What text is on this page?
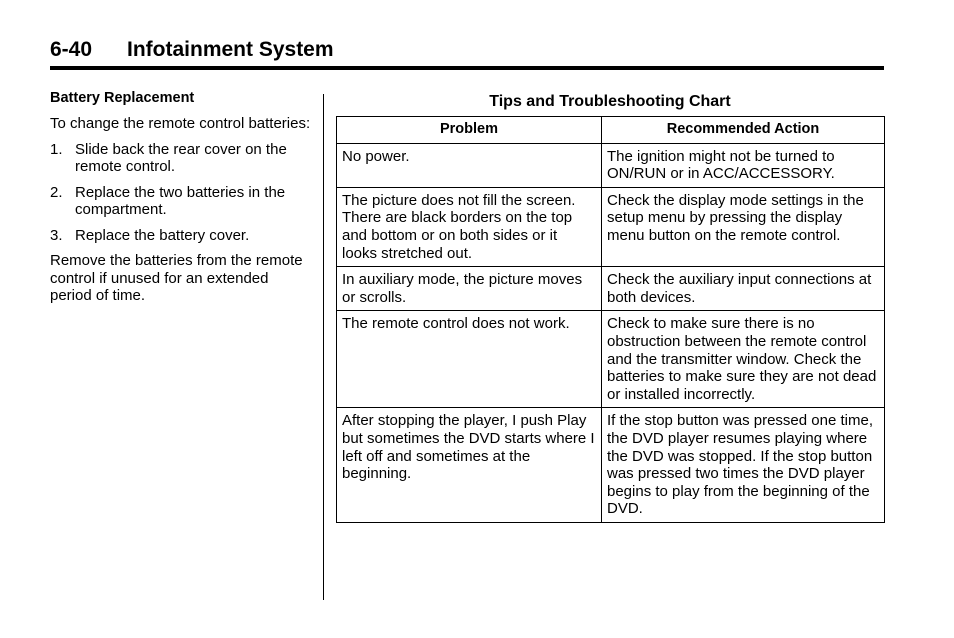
6-40 Infotainment System
Battery Replacement

To change the remote control batteries:

1. Slide back the rear cover on the remote control.
2. Replace the two batteries in the compartment.
3. Replace the battery cover.

Remove the batteries from the remote control if unused for an extended period of time.

Tips and Troubleshooting Chart
Problem	Recommended Action
No power.	The ignition might not be turned to ON/RUN or in ACC/ACCESSORY.
The picture does not fill the screen. There are black borders on the top and bottom or on both sides or it looks stretched out.	Check the display mode settings in the setup menu by pressing the display menu button on the remote control.
In auxiliary mode, the picture moves or scrolls.	Check the auxiliary input connections at both devices.
The remote control does not work.	Check to make sure there is no obstruction between the remote control and the transmitter window. Check the batteries to make sure they are not dead or installed incorrectly.
After stopping the player, I push Play but sometimes the DVD starts where I left off and sometimes at the beginning.	If the stop button was pressed one time, the DVD player resumes playing where the DVD was stopped. If the stop button was pressed two times the DVD player begins to play from the beginning of the DVD.
